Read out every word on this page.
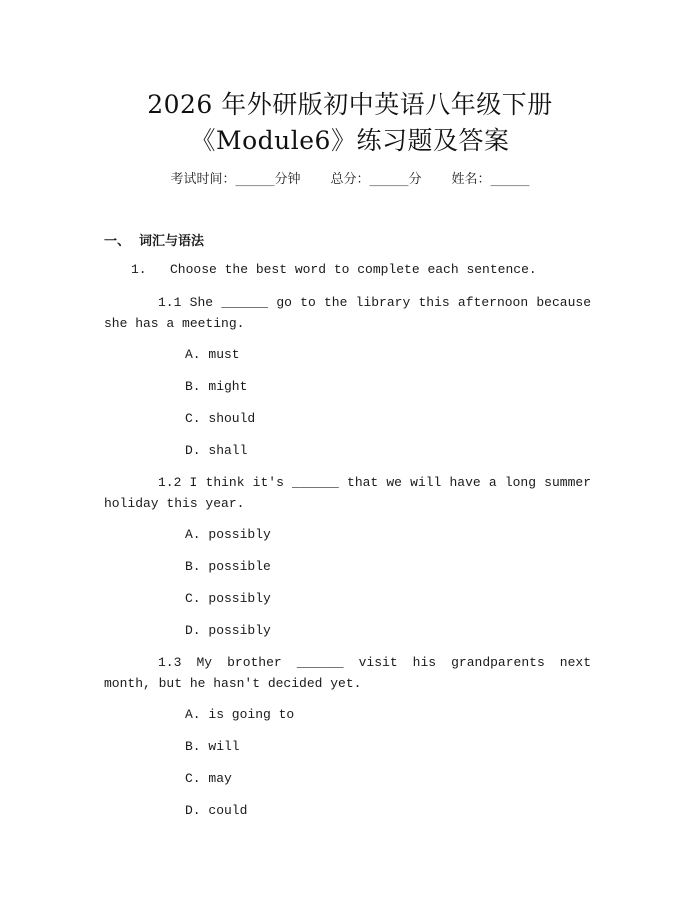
2026 年外研版初中英语八年级下册
《Module6》练习题及答案
考试时间：______分钟 总分：______分 姓名：______
一、  词汇与语法
1.   Choose the best word to complete each sentence.
1.1 She ______ go to the library this afternoon because she has a meeting.
A. must
B. might
C. should
D. shall
1.2 I think it's ______ that we will have a long summer holiday this year.
A. possibly
B. possible
C. possibly
D. possibly
1.3 My brother ______ visit his grandparents next month, but he hasn't decided yet.
A. is going to
B. will
C. may
D. could
